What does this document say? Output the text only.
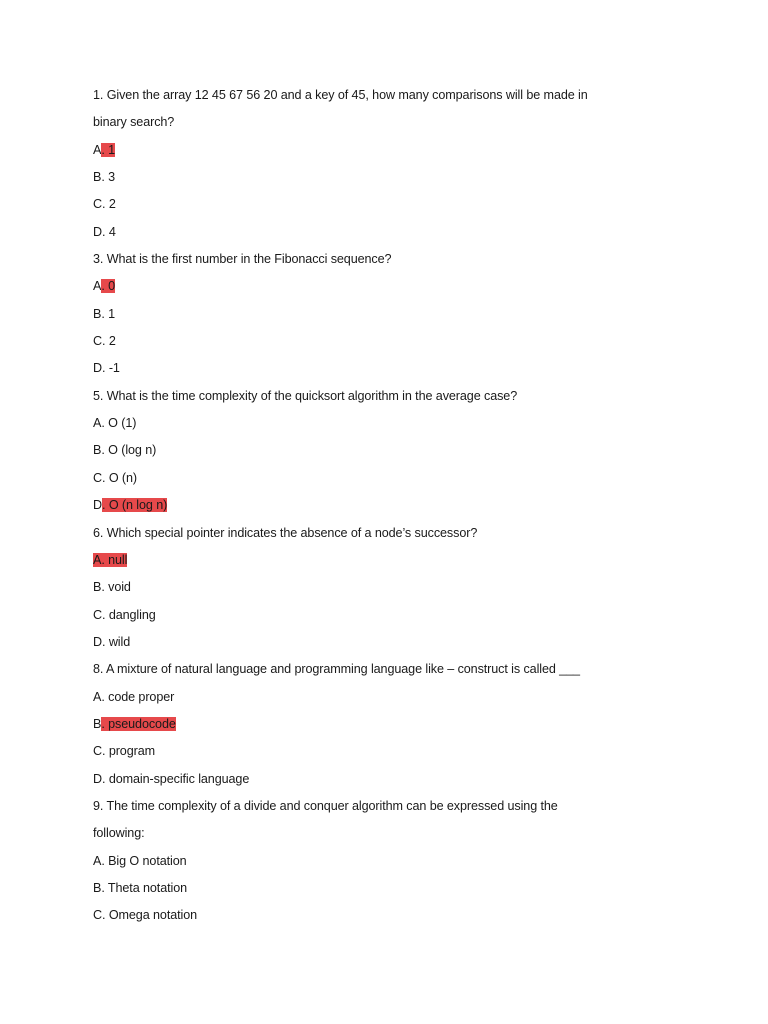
1. Given the array 12 45 67 56 20 and a key of 45, how many comparisons will be made in
binary search?
A. 1
B. 3
C. 2
D. 4
3. What is the first number in the Fibonacci sequence?
A. 0
B. 1
C. 2
D. -1
5. What is the time complexity of the quicksort algorithm in the average case?
A. O (1)
B. O (log n)
C. O (n)
D. O (n log n)
6. Which special pointer indicates the absence of a node’s successor?
A. null
B. void
C. dangling
D. wild
8. A mixture of natural language and programming language like – construct is called ___
A. code proper
B. pseudocode
C. program
D. domain-specific language
9. The time complexity of a divide and conquer algorithm can be expressed using the
following:
A. Big O notation
B. Theta notation
C. Omega notation
